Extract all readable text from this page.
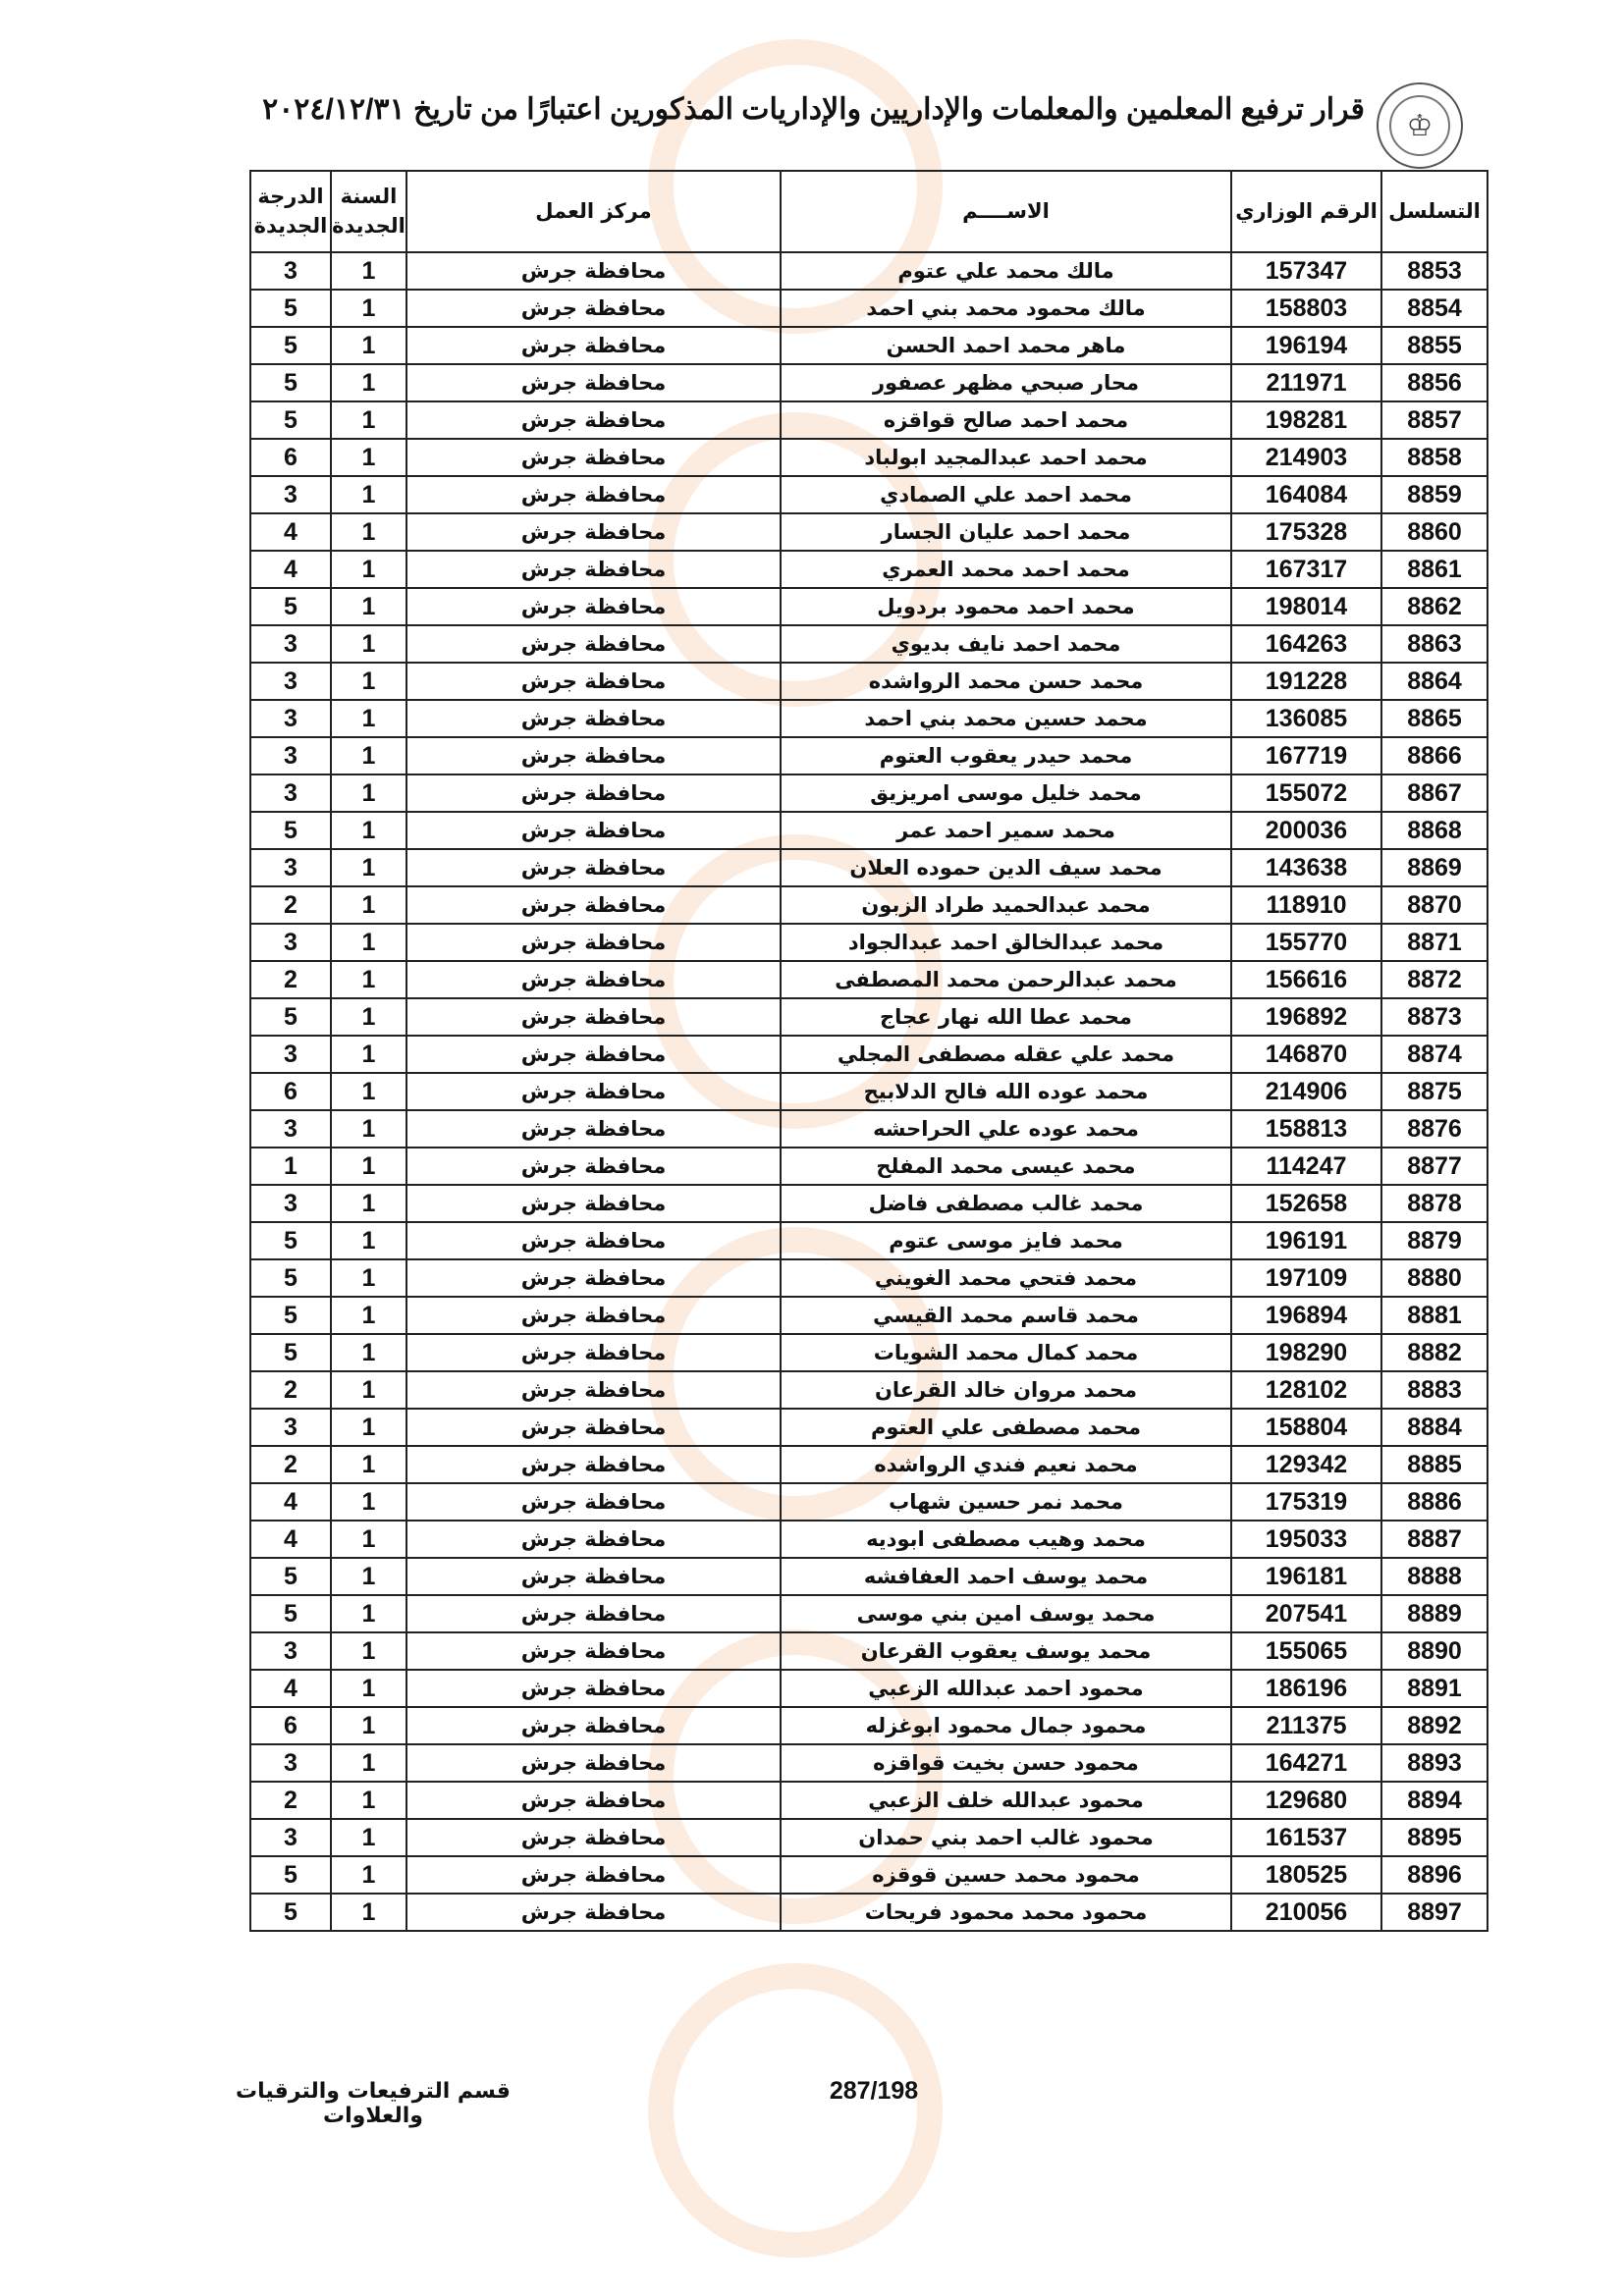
♔
قرار ترفيع المعلمين والمعلمات والإداريين والإداريات المذكورين اعتبارًا من تاريخ ٢٠٢٤/١٢/٣١
التسلسل	الرقم الوزاري	الاســــم	مركز العمل	السنة الجديدة	الدرجة الجديدة
8853	157347	مالك محمد علي عتوم	محافظة جرش	1	3
8854	158803	مالك محمود محمد بني احمد	محافظة جرش	1	5
8855	196194	ماهر محمد احمد الحسن	محافظة جرش	1	5
8856	211971	محار صبحي مظهر عصفور	محافظة جرش	1	5
8857	198281	محمد احمد صالح قواقزه	محافظة جرش	1	5
8858	214903	محمد احمد عبدالمجيد ابولباد	محافظة جرش	1	6
8859	164084	محمد احمد علي الصمادي	محافظة جرش	1	3
8860	175328	محمد احمد عليان الجسار	محافظة جرش	1	4
8861	167317	محمد احمد محمد العمري	محافظة جرش	1	4
8862	198014	محمد احمد محمود بردويل	محافظة جرش	1	5
8863	164263	محمد احمد نايف بديوي	محافظة جرش	1	3
8864	191228	محمد حسن محمد الرواشده	محافظة جرش	1	3
8865	136085	محمد حسين محمد بني احمد	محافظة جرش	1	3
8866	167719	محمد حيدر يعقوب العتوم	محافظة جرش	1	3
8867	155072	محمد خليل موسى امريزيق	محافظة جرش	1	3
8868	200036	محمد سمير احمد عمر	محافظة جرش	1	5
8869	143638	محمد سيف الدين حموده العلان	محافظة جرش	1	3
8870	118910	محمد عبدالحميد طراد الزبون	محافظة جرش	1	2
8871	155770	محمد عبدالخالق احمد عبدالجواد	محافظة جرش	1	3
8872	156616	محمد عبدالرحمن محمد المصطفى	محافظة جرش	1	2
8873	196892	محمد عطا الله نهار عجاج	محافظة جرش	1	5
8874	146870	محمد علي عقله مصطفى المجلي	محافظة جرش	1	3
8875	214906	محمد عوده الله فالح الدلابيح	محافظة جرش	1	6
8876	158813	محمد عوده علي الحراحشه	محافظة جرش	1	3
8877	114247	محمد عيسى محمد المفلح	محافظة جرش	1	1
8878	152658	محمد غالب مصطفى فاضل	محافظة جرش	1	3
8879	196191	محمد فايز موسى عتوم	محافظة جرش	1	5
8880	197109	محمد فتحي محمد الغويني	محافظة جرش	1	5
8881	196894	محمد قاسم محمد القيسي	محافظة جرش	1	5
8882	198290	محمد كمال محمد الشويات	محافظة جرش	1	5
8883	128102	محمد مروان خالد القرعان	محافظة جرش	1	2
8884	158804	محمد مصطفى علي العتوم	محافظة جرش	1	3
8885	129342	محمد نعيم فندي الرواشده	محافظة جرش	1	2
8886	175319	محمد نمر حسين شهاب	محافظة جرش	1	4
8887	195033	محمد وهيب مصطفى ابوديه	محافظة جرش	1	4
8888	196181	محمد يوسف احمد العفافشه	محافظة جرش	1	5
8889	207541	محمد يوسف امين بني موسى	محافظة جرش	1	5
8890	155065	محمد يوسف يعقوب القرعان	محافظة جرش	1	3
8891	186196	محمود احمد عبدالله الزعبي	محافظة جرش	1	4
8892	211375	محمود جمال محمود ابوغزله	محافظة جرش	1	6
8893	164271	محمود حسن بخيت قواقزه	محافظة جرش	1	3
8894	129680	محمود عبدالله خلف الزعبي	محافظة جرش	1	2
8895	161537	محمود غالب احمد بني حمدان	محافظة جرش	1	3
8896	180525	محمود محمد حسين قوقزه	محافظة جرش	1	5
8897	210056	محمود محمد محمود فريحات	محافظة جرش	1	5
287/198
قسم الترفيعات والترقيات والعلاوات
